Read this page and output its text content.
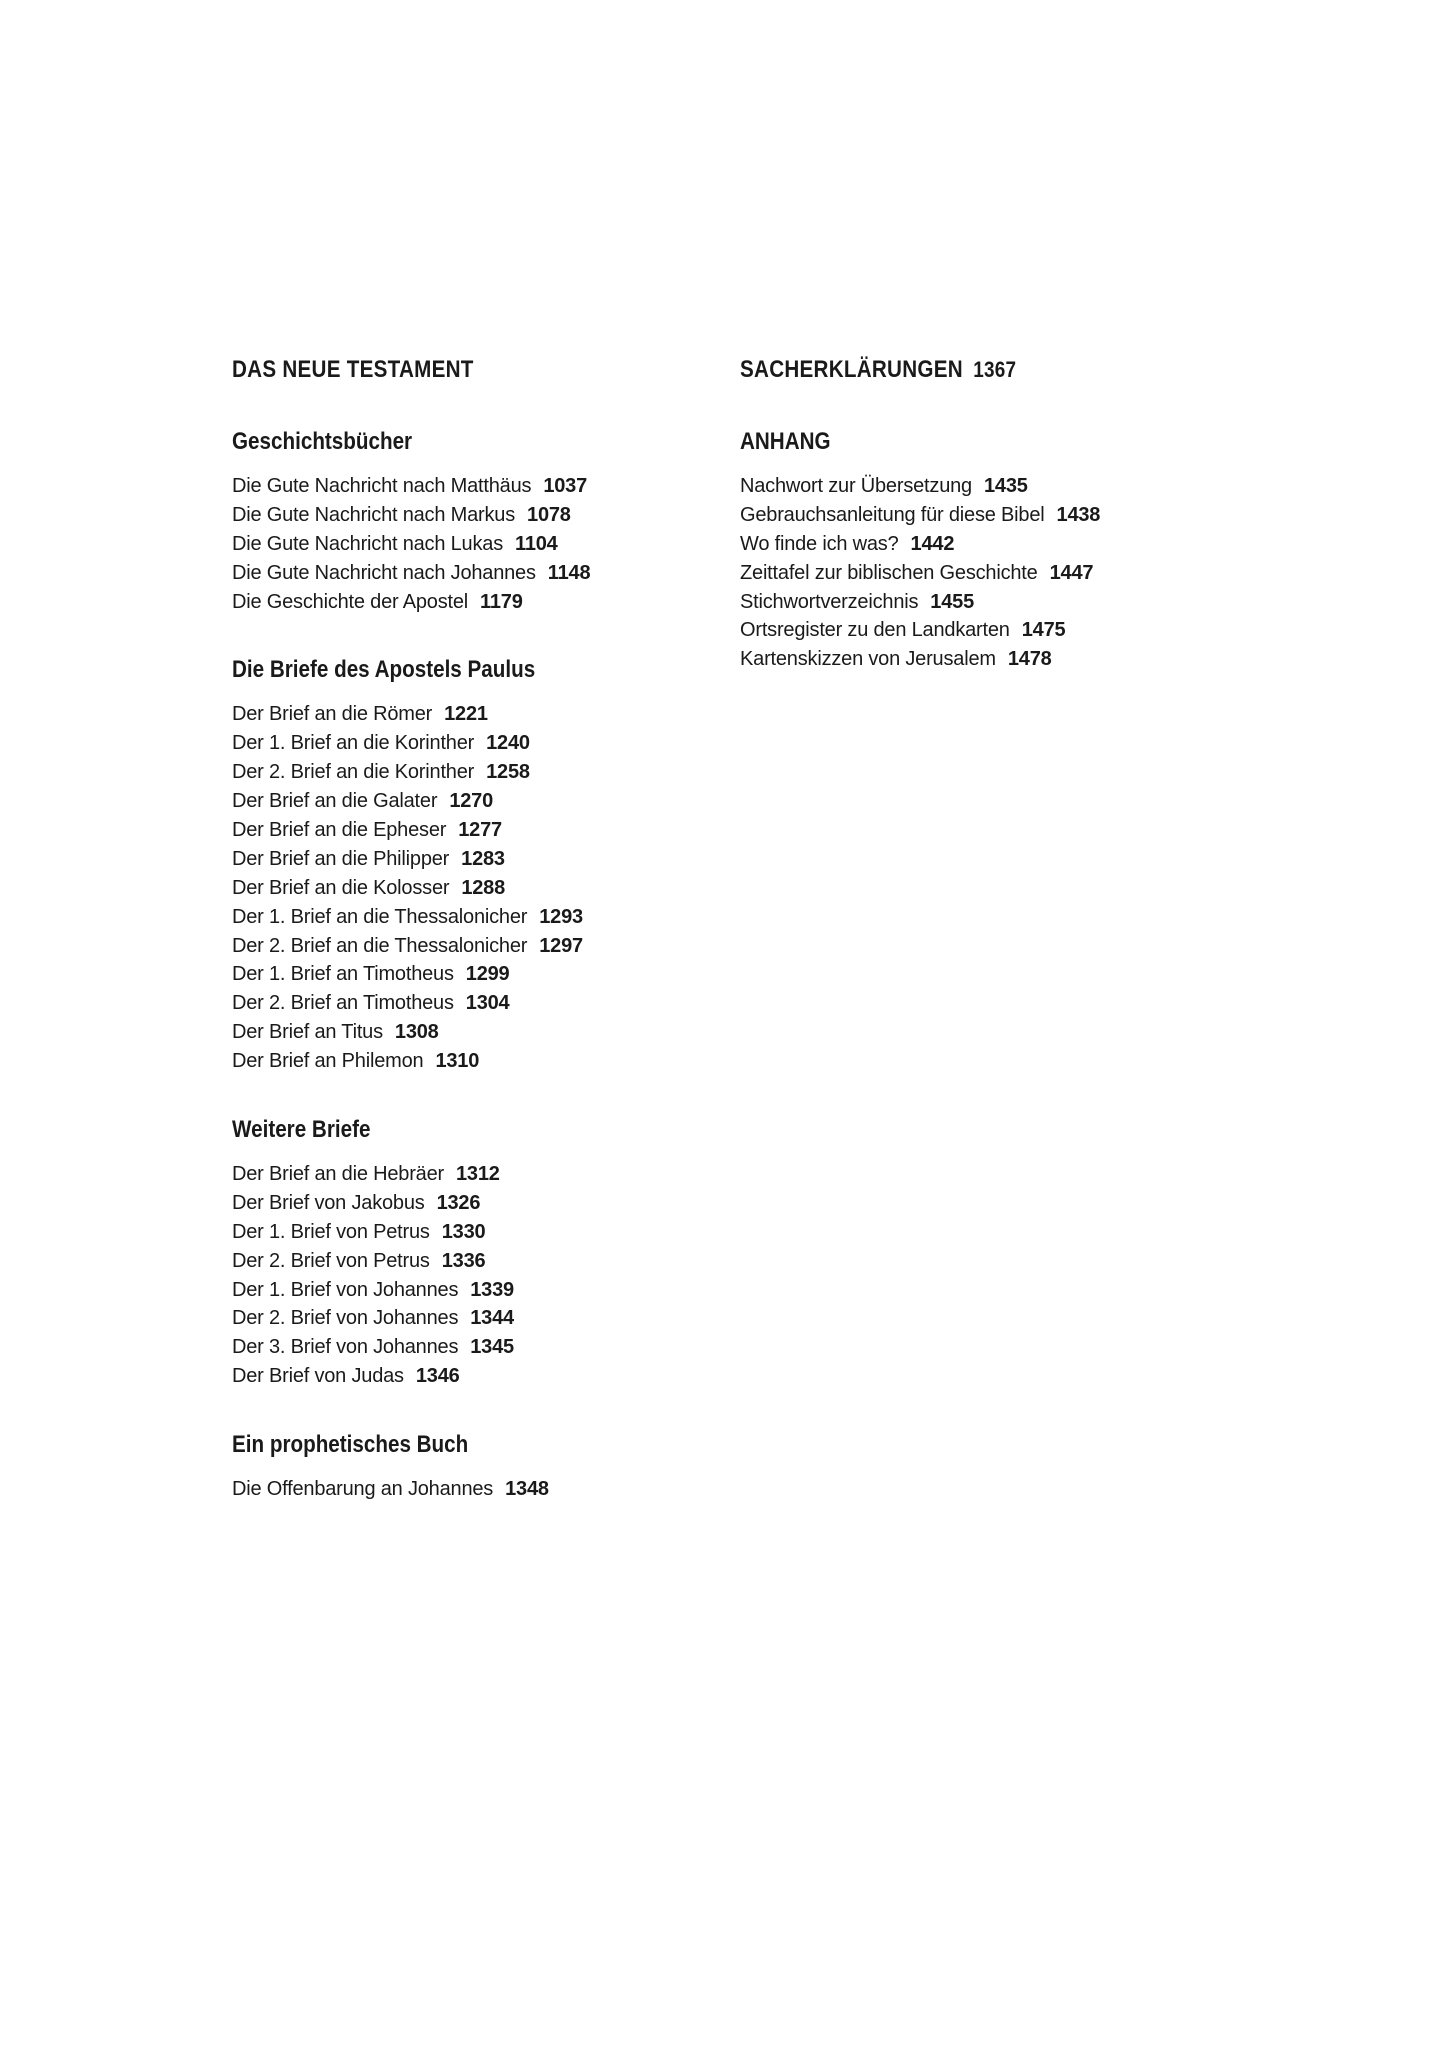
DAS NEUE TESTAMENT
Geschichtsbücher
Die Gute Nachricht nach Matthäus 1037
Die Gute Nachricht nach Markus 1078
Die Gute Nachricht nach Lukas 1104
Die Gute Nachricht nach Johannes 1148
Die Geschichte der Apostel 1179
Die Briefe des Apostels Paulus
Der Brief an die Römer 1221
Der 1. Brief an die Korinther 1240
Der 2. Brief an die Korinther 1258
Der Brief an die Galater 1270
Der Brief an die Epheser 1277
Der Brief an die Philipper 1283
Der Brief an die Kolosser 1288
Der 1. Brief an die Thessalonicher 1293
Der 2. Brief an die Thessalonicher 1297
Der 1. Brief an Timotheus 1299
Der 2. Brief an Timotheus 1304
Der Brief an Titus 1308
Der Brief an Philemon 1310
Weitere Briefe
Der Brief an die Hebräer 1312
Der Brief von Jakobus 1326
Der 1. Brief von Petrus 1330
Der 2. Brief von Petrus 1336
Der 1. Brief von Johannes 1339
Der 2. Brief von Johannes 1344
Der 3. Brief von Johannes 1345
Der Brief von Judas 1346
Ein prophetisches Buch
Die Offenbarung an Johannes 1348
SACHERKLÄRUNGEN 1367
ANHANG
Nachwort zur Übersetzung 1435
Gebrauchsanleitung für diese Bibel 1438
Wo finde ich was? 1442
Zeittafel zur biblischen Geschichte 1447
Stichwortverzeichnis 1455
Ortsregister zu den Landkarten 1475
Kartenskizzen von Jerusalem 1478
